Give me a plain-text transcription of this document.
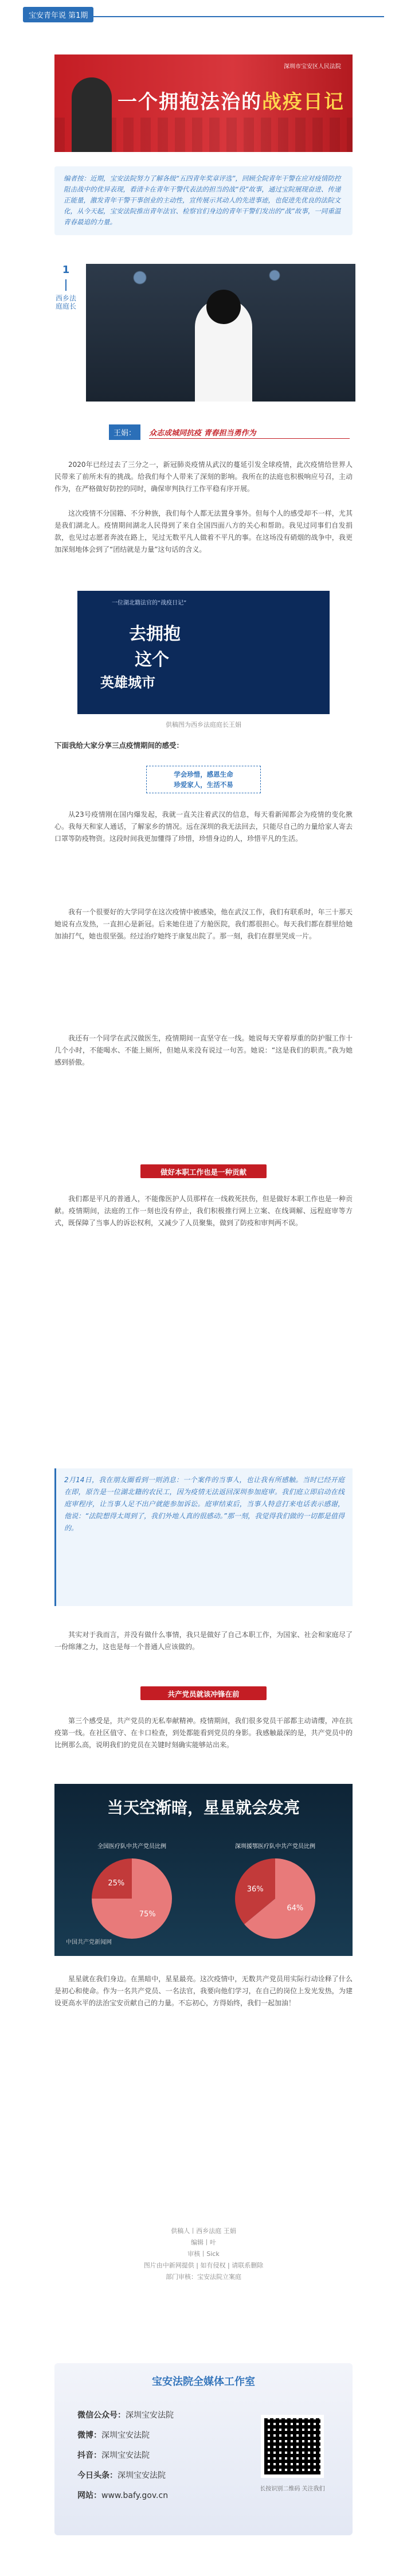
宝安青年说 第1期
深圳市宝安区人民法院
一个拥抱法治的战疫日记
编者按：近期，宝安法院努力了解各级“五四青年奖章评选”，回顾全院青年干警在应对疫情防控阻击战中的优异表现，看清卡在青年干警代表法的担当的战“役”故事，通过宝院展现奋进、传递正能量，激发青年干警干事创业的主动性，宣传展示其动人的先进事迹，也促进先优良的法院文化，从今天起，宝安法院推出青年法官、检察官们身边的青年干警们发出的“战”故事，一同重温青春最追的力量。
1
西乡法庭庭长
王娟：	众志成城同抗疫 青春担当勇作为

2020年已经过去了三分之一，新冠肺炎疫情从武汉的蔓延引发全球疫情，此次疫情给世界人民带来了前所未有的挑战。给我们每个人带来了深刻的影响。我所在的法庭也积极响应号召，主动作为，在严格做好防控的同时，确保审判执行工作平稳有序开展。

这次疫情不分国籍、不分种族，我们每个人都无法置身事外。但每个人的感受却不一样，尤其是我们湖北人。疫情期间湖北人民得到了来自全国四面八方的关心和帮助。我见过同事们自发捐款，也见过志愿者奔波在路上，见过无数平凡人做着不平凡的事。在这场没有硝烟的战争中，我更加深刻地体会到了“团结就是力量”这句话的含义。

一位湖北籍法官的“战疫日记”
去拥抱
这个
英雄城市
供稿图为西乡法庭庭长王娟
下面我给大家分享三点疫情期间的感受：
学会珍惜，感恩生命
珍爱家人，生活不易

从23号疫情刚在国内爆发起，我就一直关注着武汉的信息，每天看新闻都会为疫情的变化揪心。我每天和家人通话，了解家乡的情况。远在深圳的我无法回去，只能尽自己的力量给家人寄去口罩等防疫物资。这段时间我更加懂得了珍惜，珍惜身边的人，珍惜平凡的生活。

我有一个很要好的大学同学在这次疫情中被感染，他在武汉工作，我们有联系时，年三十那天她说有点发热，一直担心是新冠。后来她住进了方舱医院，我们都很担心。每天我们都在群里给她加油打气，她也很坚强。经过治疗她终于康复出院了。那一刻，我们在群里哭成一片。

我还有一个同学在武汉做医生，疫情期间一直坚守在一线。她说每天穿着厚重的防护服工作十几个小时，不能喝水、不能上厕所，但她从来没有说过一句苦。她说：“这是我们的职责。”我为她感到骄傲。

做好本职工作也是一种贡献

我们都是平凡的普通人，不能像医护人员那样在一线救死扶伤，但是做好本职工作也是一种贡献。疫情期间，法庭的工作一刻也没有停止，我们积极推行网上立案、在线调解、远程庭审等方式，既保障了当事人的诉讼权利，又减少了人员聚集，做到了防疫和审判两不误。

2月14日，我在朋友圈看到一则消息：一个案件的当事人，也让我有所感触。当时已经开庭在即，原告是一位湖北籍的农民工，因为疫情无法返回深圳参加庭审。我们庭立即启动在线庭审程序，让当事人足不出户就能参加诉讼。庭审结束后，当事人特意打来电话表示感谢，他说：“法院想得太周到了，我们外地人真的很感动。”那一刻，我觉得我们做的一切都是值得的。

其实对于我而言，并没有做什么事情，我只是做好了自己本职工作，为国家、社会和家庭尽了一份绵薄之力，这也是每一个普通人应该做的。

共产党员就该冲锋在前

第三个感受是，共产党员的无私奉献精神。疫情期间，我们很多党员干部都主动请缨，冲在抗疫第一线。在社区值守、在卡口检查，到处都能看到党员的身影。我感触最深的是，共产党员中的比例那么高，说明我们的党员在关键时刻确实能够站出来。

当天空渐暗，星星就会发亮
75%
25%
64%
36%
全国医疗队中共产党员比例	深圳援鄂医疗队中共产党员比例
中国共产党新闻网

星星就在我们身边。在黑暗中，星星最亮。这次疫情中，无数共产党员用实际行动诠释了什么是初心和使命。作为一名共产党员、一名法官，我要向他们学习，在自己的岗位上发光发热，为建设更高水平的法治宝安贡献自己的力量。不忘初心，方得始终，我们一起加油！

供稿人丨西乡法庭 王娟
编辑丨叶
审核丨Sick
图片由中新网提供 | 如有侵权 | 请联系删除
部门审核：宝安法院立案庭
宝安法院全媒体工作室
微信公众号：深圳宝安法院
微博：深圳宝安法院
抖音：深圳宝安法院
今日头条：深圳宝安法院
网站：www.bafy.gov.cn
长按识别二维码 关注我们
